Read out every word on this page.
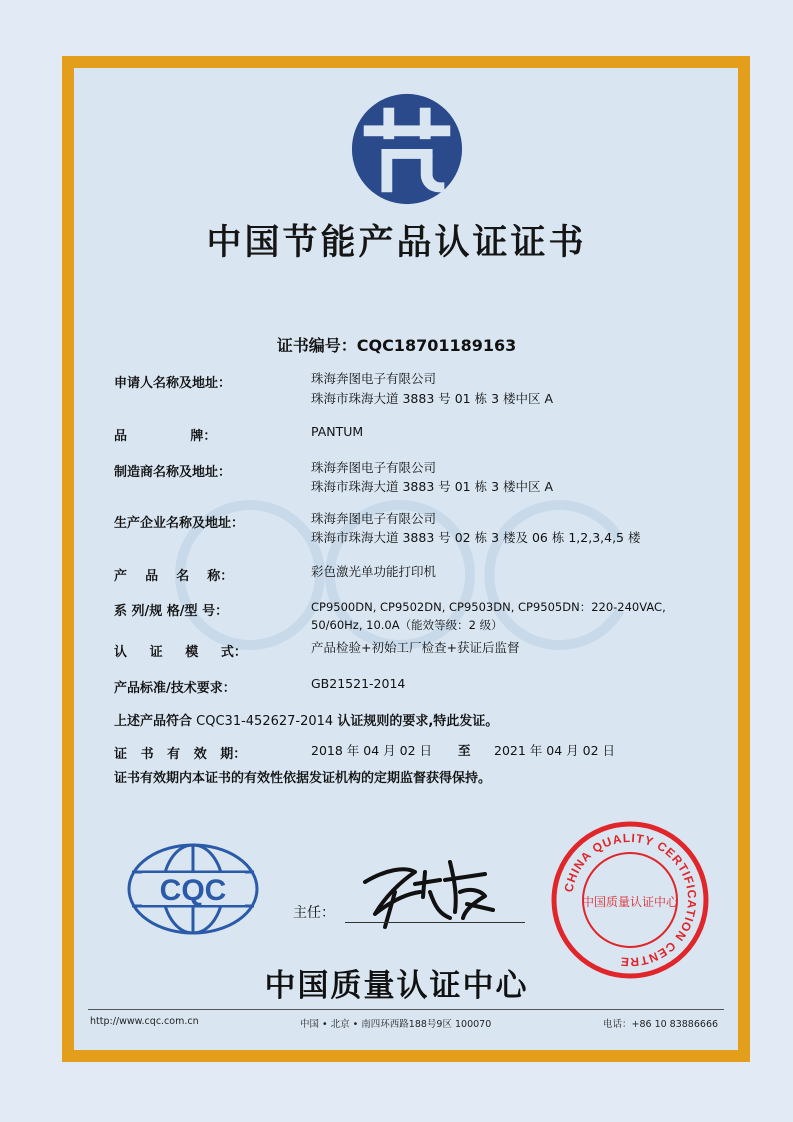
中国节能产品认证证书
证书编号：CQC18701189163
申请人名称及地址：	珠海奔图电子有限公司
珠海市珠海大道 3883 号 01 栋 3 楼中区 A
品              牌：	PANTUM
制造商名称及地址：	珠海奔图电子有限公司
珠海市珠海大道 3883 号 01 栋 3 楼中区 A
生产企业名称及地址：	珠海奔图电子有限公司
珠海市珠海大道 3883 号 02 栋 3 楼及 06 栋 1,2,3,4,5 楼
产    品    名    称：	彩色激光单功能打印机
系 列/规 格/型 号：	CP9500DN, CP9502DN, CP9503DN, CP9505DN：220-240VAC,
50/60Hz, 10.0A（能效等级：2 级）
认     证     模     式：	产品检验+初始工厂检查+获证后监督
产品标准/技术要求：	GB21521-2014
上述产品符合 CQC31-452627-2014 认证规则的要求,特此发证。
证   书   有   效   期：	2018 年 04 月 02 日 至 2021 年 04 月 02 日
证书有效期内本证书的有效性依据发证机构的定期监督获得保持。
CQC
主任：
CHINA QUALITY CERTIFICATION CENTRE
中国质量认证中心
中国质量认证中心
http://www.cqc.com.cn	中国 • 北京 • 南四环西路188号9区 100070	电话：+86 10 83886666
